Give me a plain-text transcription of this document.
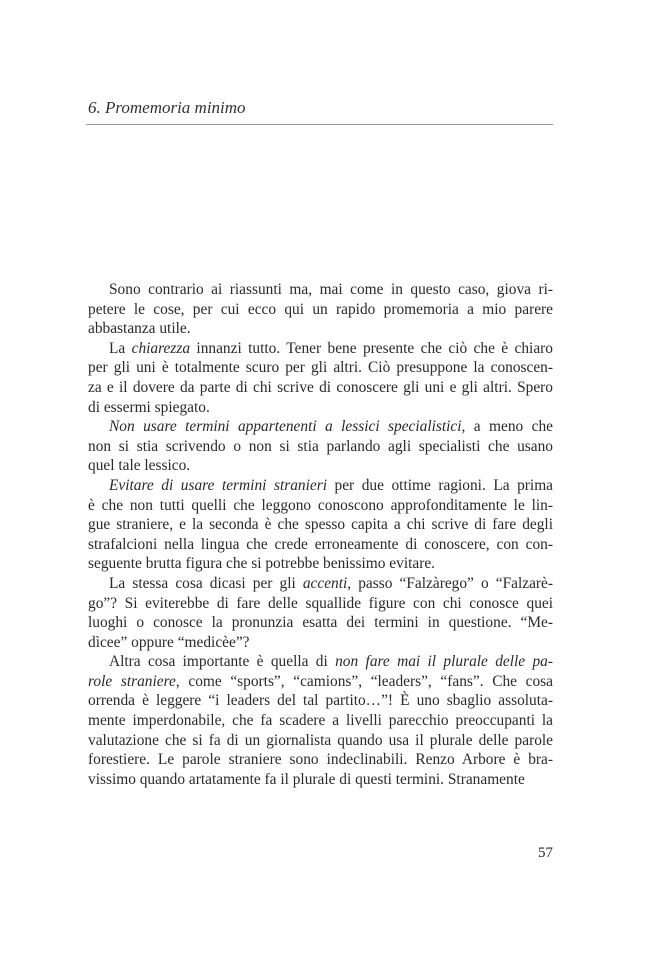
6. Promemoria minimo
Sono contrario ai riassunti ma, mai come in questo caso, giova ri-
petere le cose, per cui ecco qui un rapido promemoria a mio parere
abbastanza utile.
La chiarezza innanzi tutto. Tener bene presente che ciò che è chiaro
per gli uni è totalmente scuro per gli altri. Ciò presuppone la conoscen-
za e il dovere da parte di chi scrive di conoscere gli uni e gli altri. Spero
di essermi spiegato.
Non usare termini appartenenti a lessici specialistici, a meno che
non si stia scrivendo o non si stia parlando agli specialisti che usano
quel tale lessico.
Evitare di usare termini stranieri per due ottime ragioni. La prima
è che non tutti quelli che leggono conoscono approfonditamente le lin-
gue straniere, e la seconda è che spesso capita a chi scrive di fare degli
strafalcioni nella lingua che crede erroneamente di conoscere, con con-
seguente brutta figura che si potrebbe benissimo evitare.
La stessa cosa dicasi per gli accenti, passo “Falzàrego” o “Falzarè-
go”? Si eviterebbe di fare delle squallide figure con chi conosce quei
luoghi o conosce la pronunzia esatta dei termini in questione. “Me-
dìcee” oppure “medicèe”?
Altra cosa importante è quella di non fare mai il plurale delle pa-
role straniere, come “sports”, “camions”, “leaders”, “fans”. Che cosa
orrenda è leggere “i leaders del tal partito…”! È uno sbaglio assoluta-
mente imperdonabile, che fa scadere a livelli parecchio preoccupanti la
valutazione che si fa di un giornalista quando usa il plurale delle parole
forestiere. Le parole straniere sono indeclinabili. Renzo Arbore è bra-
vissimo quando artatamente fa il plurale di questi termini. Stranamente
57
